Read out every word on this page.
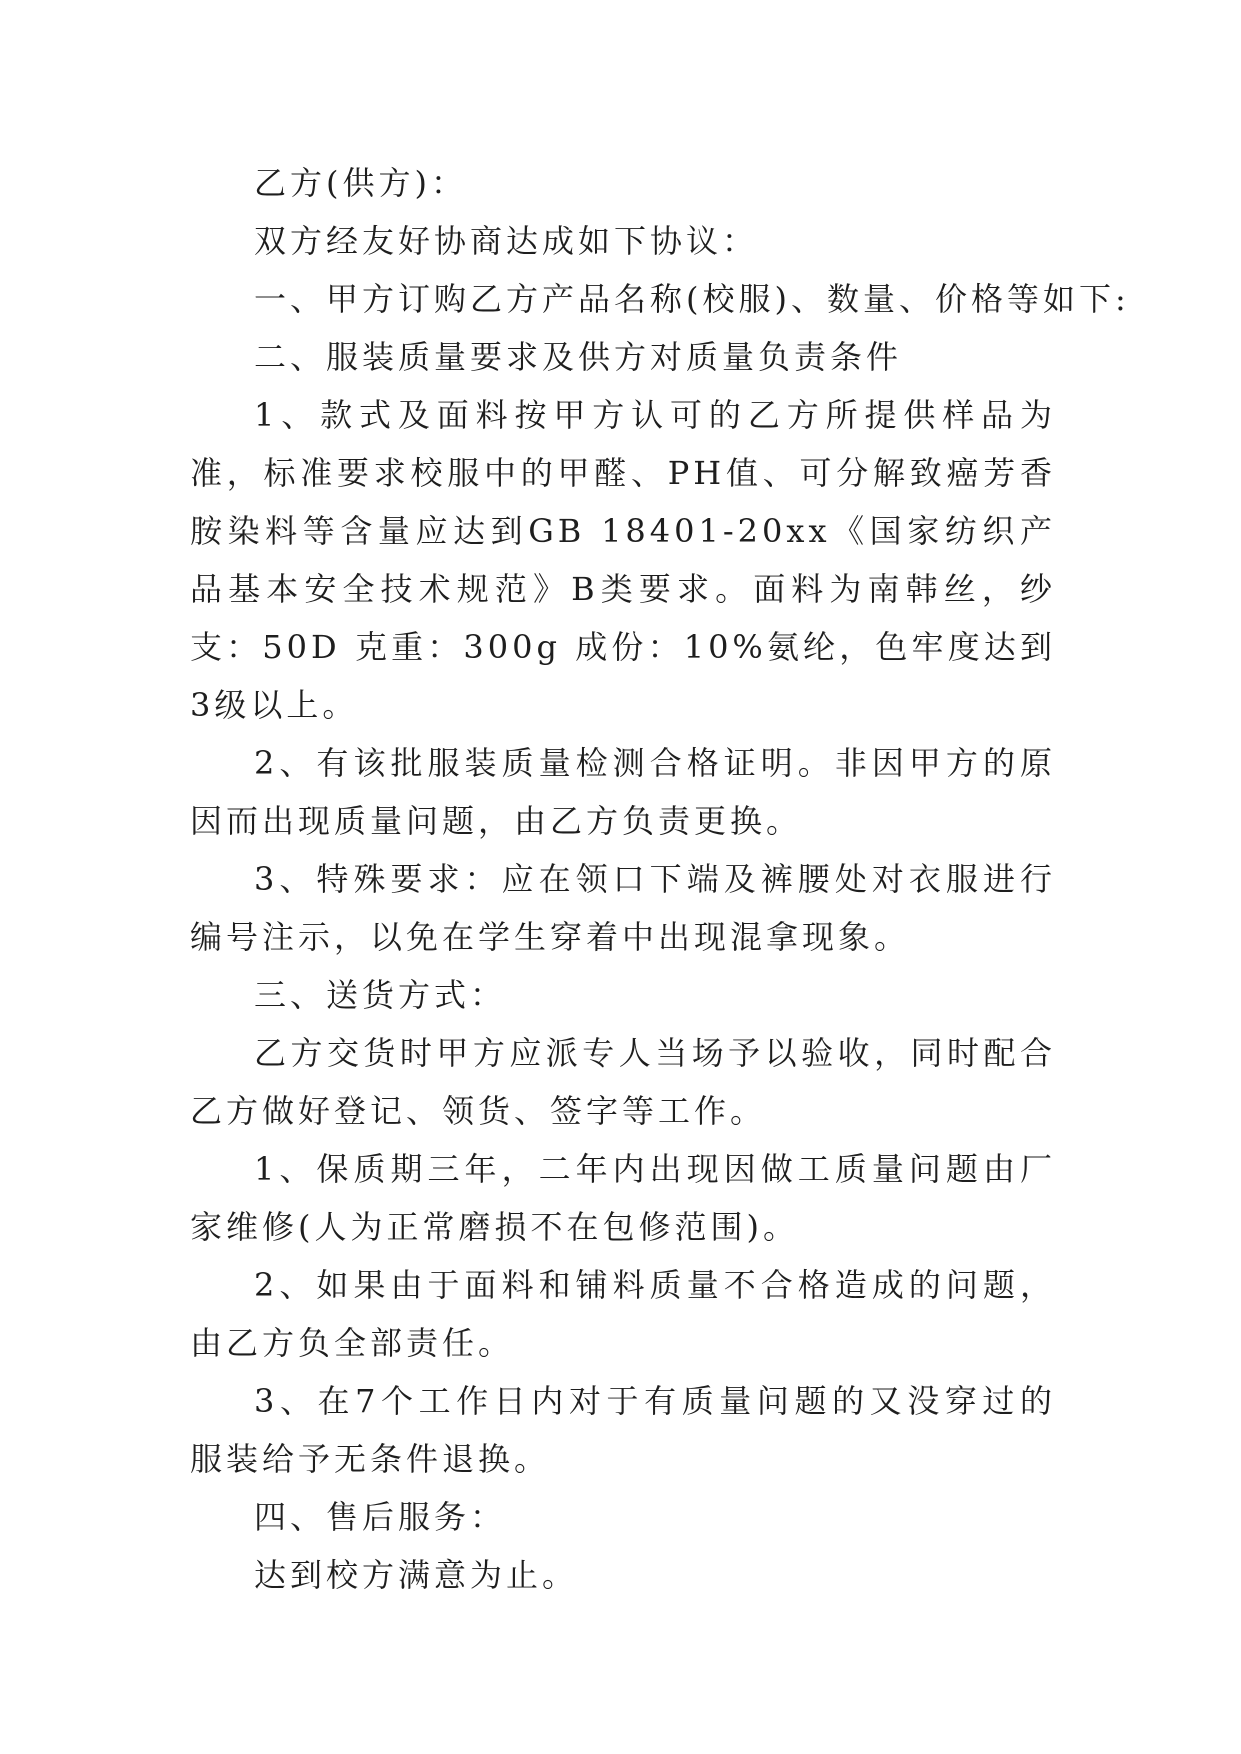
乙方(供方)：

双方经友好协商达成如下协议：

一、甲方订购乙方产品名称(校服)、数量、价格等如下:

二、服装质量要求及供方对质量负责条件

1、款式及面料按甲方认可的乙方所提供样品为准，标准要求校服中的甲醛、PH值、可分解致癌芳香胺染料等含量应达到GB 18401-20xx《国家纺织产品基本安全技术规范》B类要求。面料为南韩丝，纱支：50D 克重：300g 成份：10%氨纶，色牢度达到3级以上。

2、有该批服装质量检测合格证明。非因甲方的原因而出现质量问题，由乙方负责更换。

3、特殊要求：应在领口下端及裤腰处对衣服进行编号注示，以免在学生穿着中出现混拿现象。

三、送货方式：

乙方交货时甲方应派专人当场予以验收，同时配合乙方做好登记、领货、签字等工作。

1、保质期三年，二年内出现因做工质量问题由厂家维修(人为正常磨损不在包修范围)。

2、如果由于面料和铺料质量不合格造成的问题，由乙方负全部责任。

3、在7个工作日内对于有质量问题的又没穿过的服装给予无条件退换。

四、售后服务：

达到校方满意为止。
